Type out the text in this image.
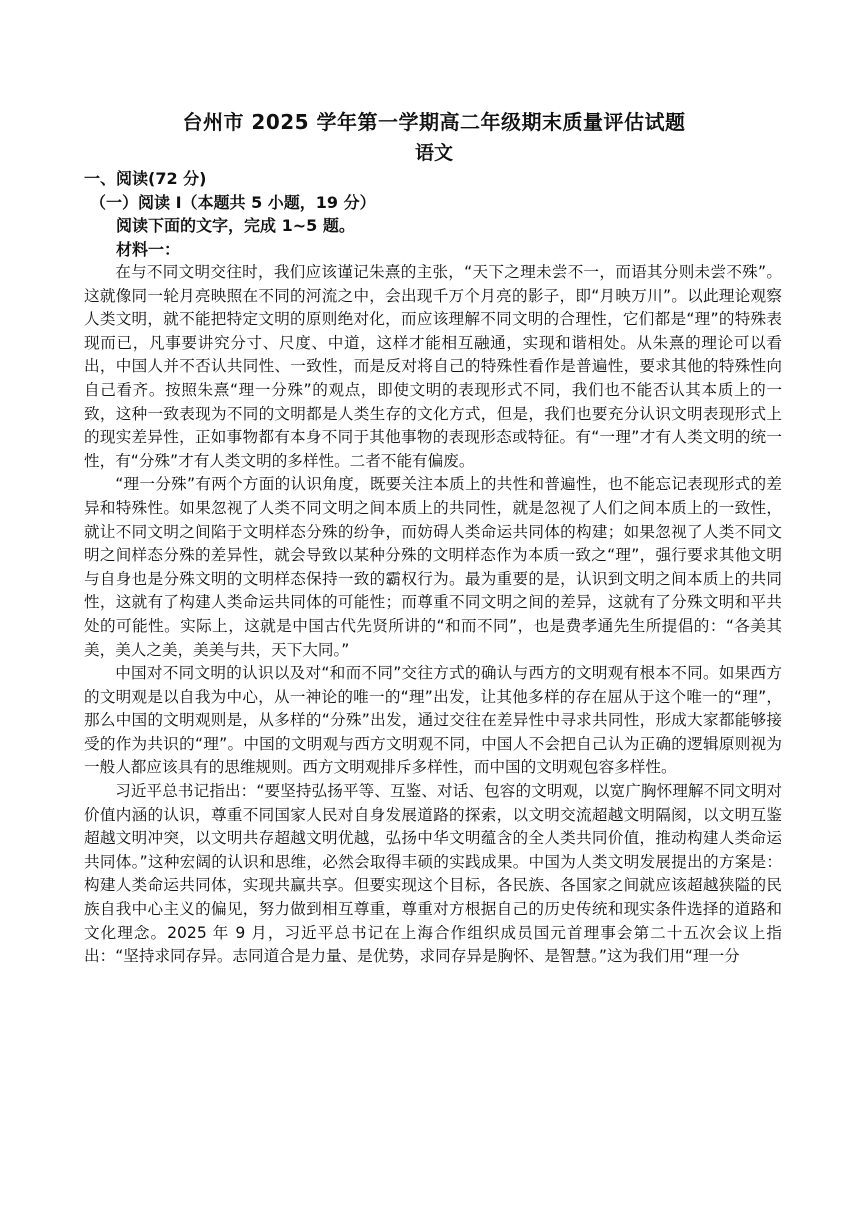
台州市 2025 学年第一学期高二年级期末质量评估试题
语文
一、阅读(72 分)
（一）阅读 I（本题共 5 小题，19 分）
阅读下面的文字，完成 1~5 题。
材料一：

在与不同文明交往时，我们应该谨记朱熹的主张，“天下之理未尝不一，而语其分则未尝不殊”。这就像同一轮月亮映照在不同的河流之中，会出现千万个月亮的影子，即“月映万川”。以此理论观察人类文明，就不能把特定文明的原则绝对化，而应该理解不同文明的合理性，它们都是“理”的特殊表现而已，凡事要讲究分寸、尺度、中道，这样才能相互融通，实现和谐相处。从朱熹的理论可以看出，中国人并不否认共同性、一致性，而是反对将自己的特殊性看作是普遍性，要求其他的特殊性向自己看齐。按照朱熹“理一分殊”的观点，即使文明的表现形式不同，我们也不能否认其本质上的一致，这种一致表现为不同的文明都是人类生存的文化方式，但是，我们也要充分认识文明表现形式上的现实差异性，正如事物都有本身不同于其他事物的表现形态或特征。有“一理”才有人类文明的统一性，有“分殊”才有人类文明的多样性。二者不能有偏废。

“理一分殊”有两个方面的认识角度，既要关注本质上的共性和普遍性，也不能忘记表现形式的差异和特殊性。如果忽视了人类不同文明之间本质上的共同性，就是忽视了人们之间本质上的一致性，就让不同文明之间陷于文明样态分殊的纷争，而妨碍人类命运共同体的构建；如果忽视了人类不同文明之间样态分殊的差异性，就会导致以某种分殊的文明样态作为本质一致之“理”，强行要求其他文明与自身也是分殊文明的文明样态保持一致的霸权行为。最为重要的是，认识到文明之间本质上的共同性，这就有了构建人类命运共同体的可能性；而尊重不同文明之间的差异，这就有了分殊文明和平共处的可能性。实际上，这就是中国古代先贤所讲的“和而不同”，也是费孝通先生所提倡的：“各美其美，美人之美，美美与共，天下大同。”

中国对不同文明的认识以及对“和而不同”交往方式的确认与西方的文明观有根本不同。如果西方的文明观是以自我为中心，从一神论的唯一的“理”出发，让其他多样的存在屈从于这个唯一的“理”，那么中国的文明观则是，从多样的“分殊”出发，通过交往在差异性中寻求共同性，形成大家都能够接受的作为共识的“理”。中国的文明观与西方文明观不同，中国人不会把自己认为正确的逻辑原则视为一般人都应该具有的思维规则。西方文明观排斥多样性，而中国的文明观包容多样性。

习近平总书记指出：“要坚持弘扬平等、互鉴、对话、包容的文明观，以宽广胸怀理解不同文明对价值内涵的认识，尊重不同国家人民对自身发展道路的探索，以文明交流超越文明隔阂，以文明互鉴超越文明冲突，以文明共存超越文明优越，弘扬中华文明蕴含的全人类共同价值，推动构建人类命运共同体。”这种宏阔的认识和思维，必然会取得丰硕的实践成果。中国为人类文明发展提出的方案是：构建人类命运共同体，实现共赢共享。但要实现这个目标，各民族、各国家之间就应该超越狭隘的民族自我中心主义的偏见，努力做到相互尊重，尊重对方根据自己的历史传统和现实条件选择的道路和文化理念。2025 年 9 月，习近平总书记在上海合作组织成员国元首理事会第二十五次会议上指出：“坚持求同存异。志同道合是力量、是优势，求同存异是胸怀、是智慧。”这为我们用“理一分
